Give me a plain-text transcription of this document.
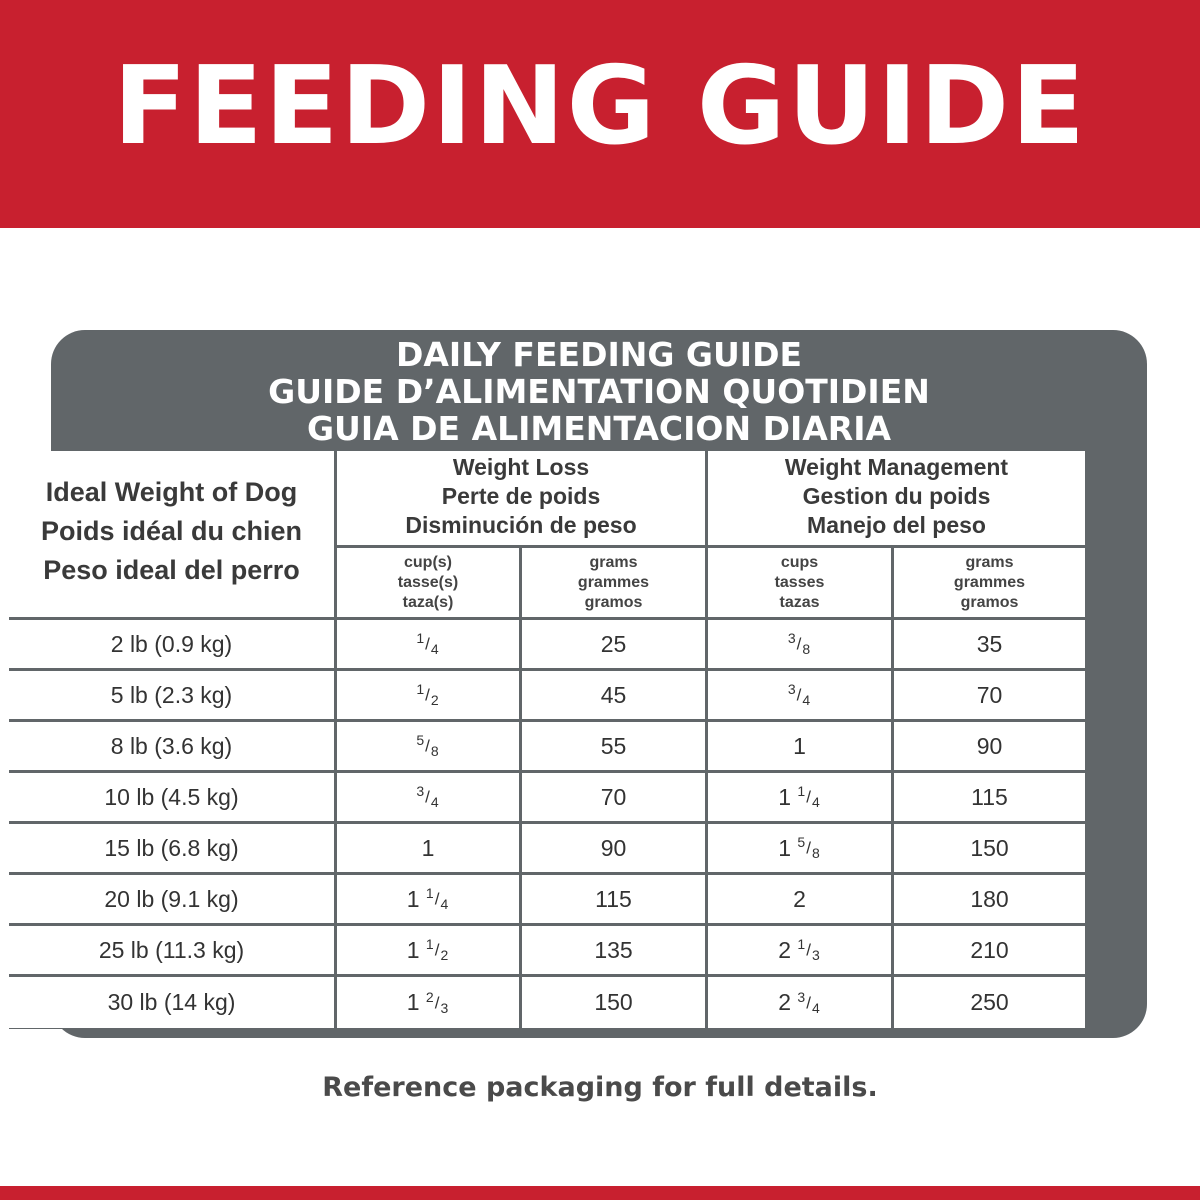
FEEDING GUIDE
DAILY FEEDING GUIDE
GUIDE D’ALIMENTATION QUOTIDIEN
GUIA DE ALIMENTACION DIARIA
Ideal Weight of Dog
Poids idéal du chien
Peso ideal del perro
Weight Loss
Perte de poids
Disminución de peso
Weight Management
Gestion du poids
Manejo del peso
cup(s)
tasse(s)
taza(s)
grams
grammes
gramos
cups
tasses
tazas
grams
grammes
gramos
2 lb (0.9 kg)	$^1/_4$	25	$^3/_8$	35
5 lb (2.3 kg)	$^1/_2$	45	$^3/_4$	70
8 lb (3.6 kg)	$^5/_8$	55	1	90
10 lb (4.5 kg)	$^3/_4$	70	1 $^1/_4$	115
15 lb (6.8 kg)	1	90	1 $^5/_8$	150
20 lb (9.1 kg)	1 $^1/_4$	115	2	180
25 lb (11.3 kg)	1 $^1/_2$	135	2 $^1/_3$	210
30 lb (14 kg)	1 $^2/_3$	150	2 $^3/_4$	250
Reference packaging for full details.
